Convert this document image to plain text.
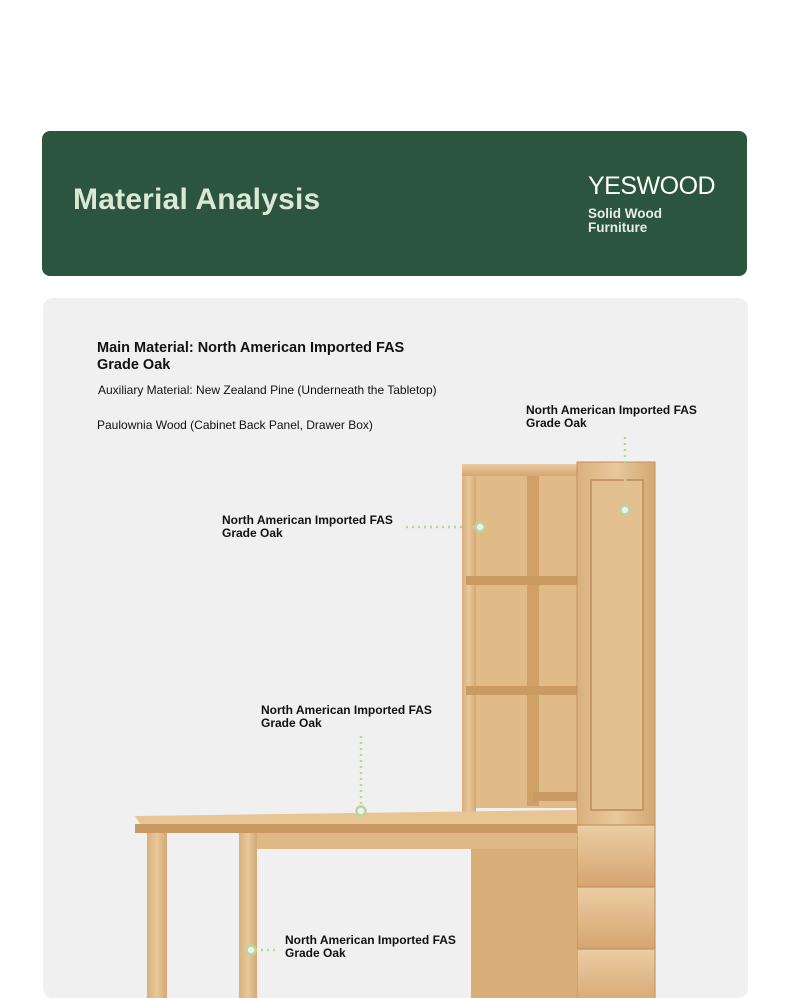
Material Analysis	YESWOOD
Solid Wood Furniture
Main Material: North American Imported FAS Grade Oak
Auxiliary Material: New Zealand Pine (Underneath the Tabletop)
Paulownia Wood (Cabinet Back Panel, Drawer Box)
North American Imported FAS Grade Oak
North American Imported FAS Grade Oak
North American Imported FAS Grade Oak
North American Imported FAS Grade Oak
